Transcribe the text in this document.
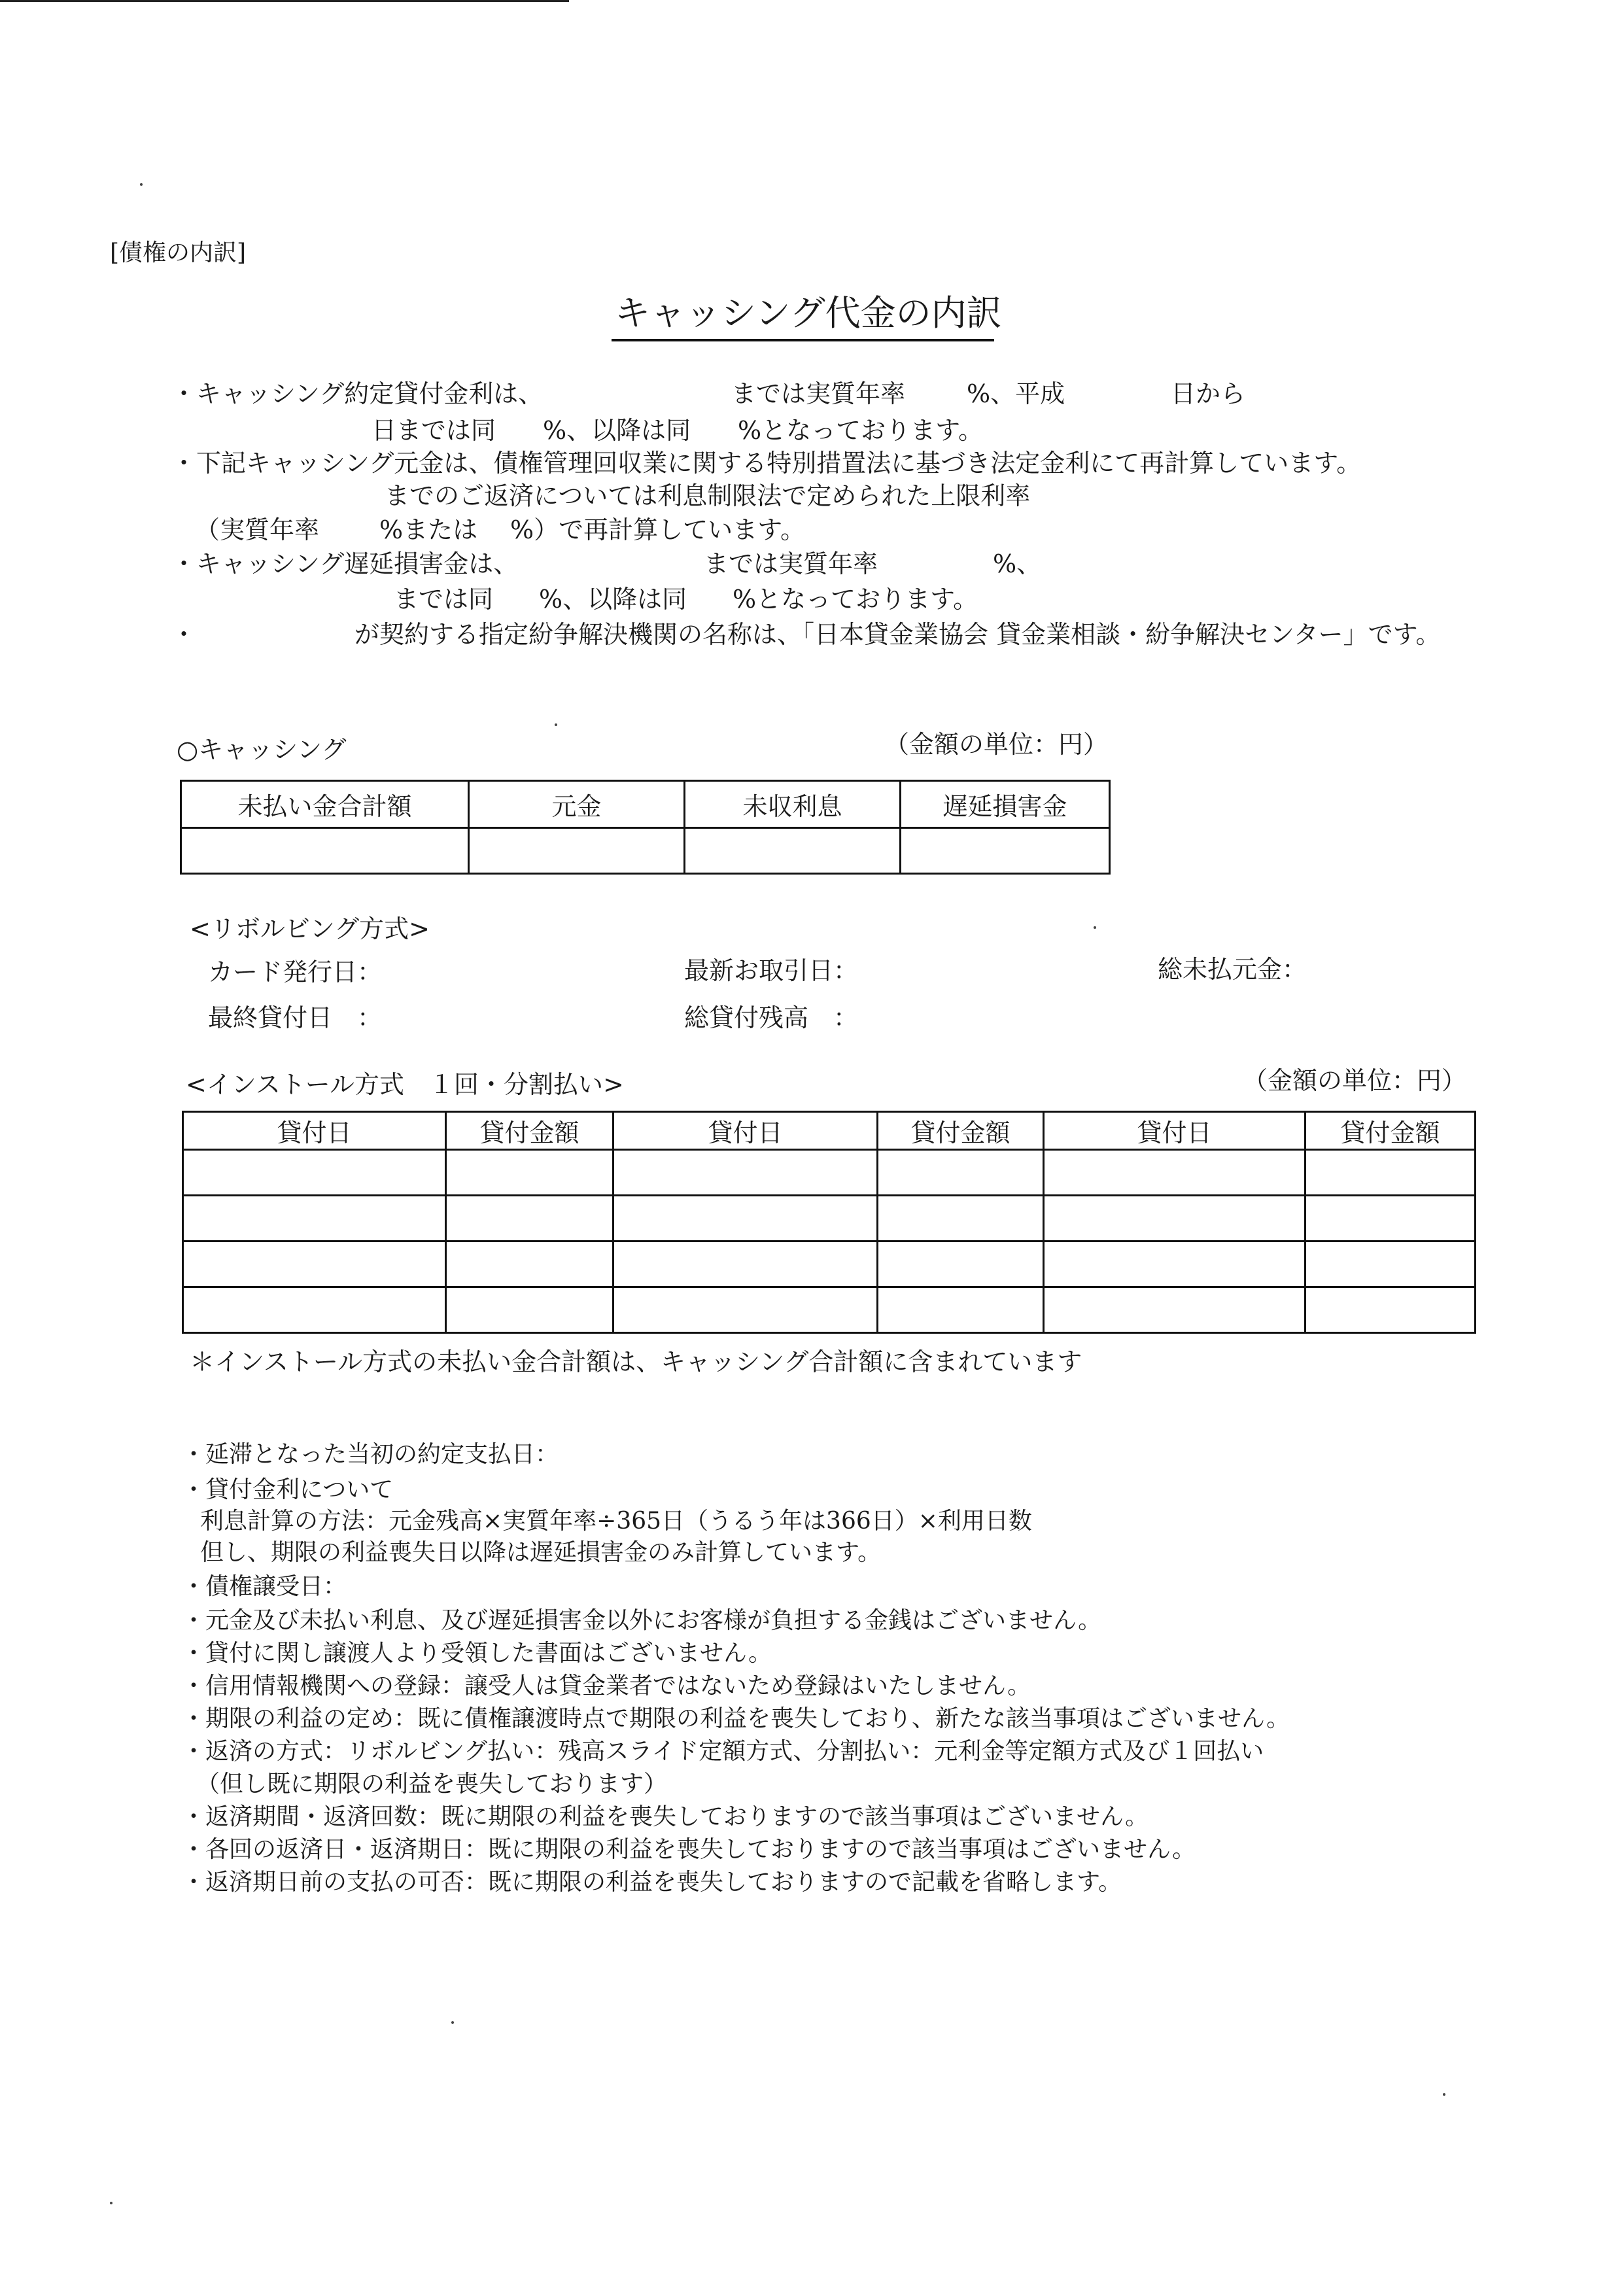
[債権の内訳]
キャッシング代金の内訳
・キャッシング約定貸付金利は、	までは実質年率 %、平成	日から
日までは同 %、以降は同 %となっております。
・下記キャッシング元金は、債権管理回収業に関する特別措置法に基づき法定金利にて再計算しています。
までのご返済については利息制限法で定められた上限利率
（実質年率 %または %）で再計算しています。
・キャッシング遅延損害金は、	までは実質年率	%、
までは同 %、以降は同 %となっております。
・	が契約する指定紛争解決機関の名称は、「日本貸金業協会 貸金業相談・紛争解決センター」です。
○キャッシング	（金額の単位：円）
未払い金合計額	元金	未収利息	遅延損害金

<リボルビング方式>
カード発行日：	最新お取引日：	総未払元金：
最終貸付日　：	総貸付残高　：
<インストール方式　１回・分割払い>	（金額の単位：円）
貸付日	貸付金額	貸付日	貸付金額	貸付日	貸付金額

＊インストール方式の未払い金合計額は、キャッシング合計額に含まれています
・延滞となった当初の約定支払日：
・貸付金利について
利息計算の方法：元金残高×実質年率÷365日（うるう年は366日）×利用日数
但し、期限の利益喪失日以降は遅延損害金のみ計算しています。
・債権譲受日：
・元金及び未払い利息、及び遅延損害金以外にお客様が負担する金銭はございません。
・貸付に関し譲渡人より受領した書面はございません。
・信用情報機関への登録：譲受人は貸金業者ではないため登録はいたしません。
・期限の利益の定め：既に債権譲渡時点で期限の利益を喪失しており、新たな該当事項はございません。
・返済の方式：リボルビング払い：残高スライド定額方式、分割払い：元利金等定額方式及び１回払い
（但し既に期限の利益を喪失しております）
・返済期間・返済回数：既に期限の利益を喪失しておりますので該当事項はございません。
・各回の返済日・返済期日：既に期限の利益を喪失しておりますので該当事項はございません。
・返済期日前の支払の可否：既に期限の利益を喪失しておりますので記載を省略します。
